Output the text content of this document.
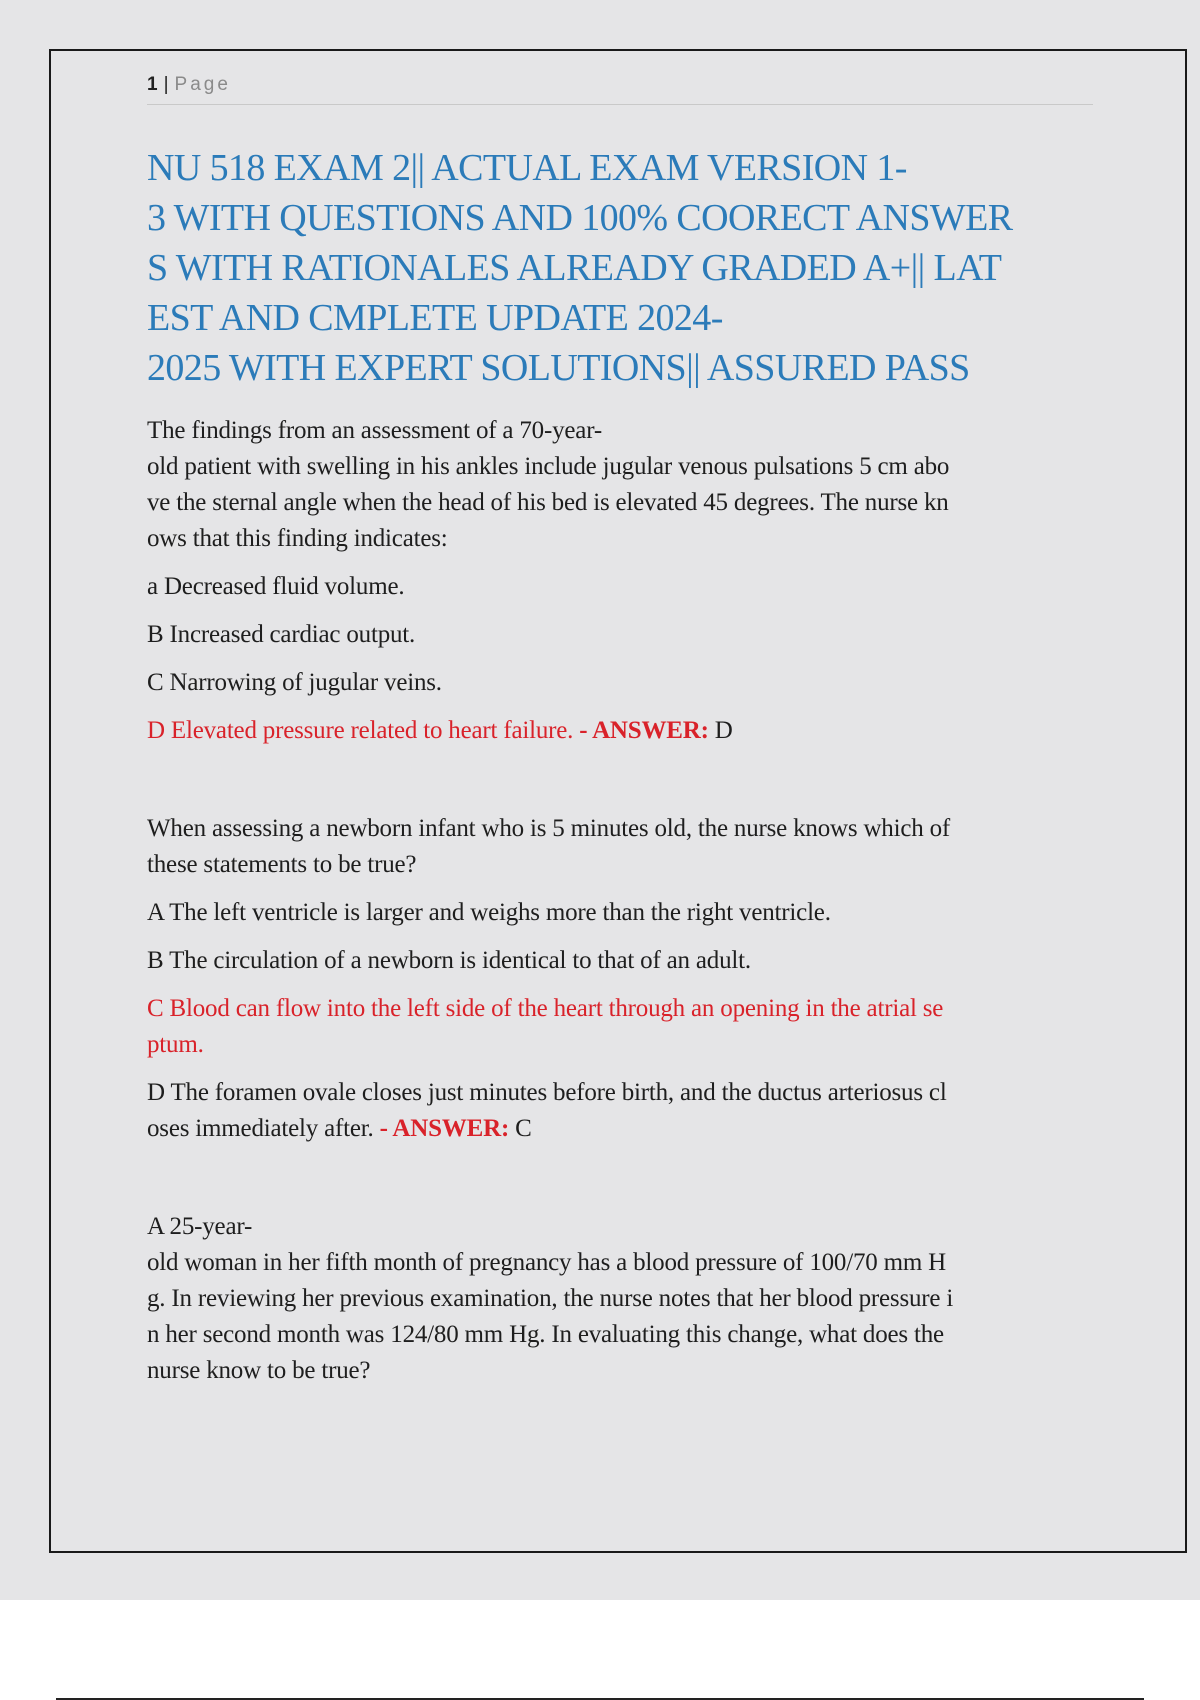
1 | Page
NU 518 EXAM 2|| ACTUAL EXAM VERSION 1-
3 WITH QUESTIONS AND 100% COORECT ANSWER
S WITH RATIONALES ALREADY GRADED A+|| LAT
EST AND CMPLETE UPDATE 2024-
2025 WITH EXPERT SOLUTIONS|| ASSURED PASS

The findings from an assessment of a 70-year-

old patient with swelling in his ankles include jugular venous pulsations 5 cm abo

ve the sternal angle when the head of his bed is elevated 45 degrees. The nurse kn

ows that this finding indicates:

a Decreased fluid volume.

B Increased cardiac output.

C Narrowing of jugular veins.

D Elevated pressure related to heart failure. - ANSWER: D

When assessing a newborn infant who is 5 minutes old, the nurse knows which of

these statements to be true?

A The left ventricle is larger and weighs more than the right ventricle.

B The circulation of a newborn is identical to that of an adult.

C Blood can flow into the left side of the heart through an opening in the atrial se

ptum.

D The foramen ovale closes just minutes before birth, and the ductus arteriosus cl

oses immediately after. - ANSWER: C

A 25-year-

old woman in her fifth month of pregnancy has a blood pressure of 100/70 mm H

g. In reviewing her previous examination, the nurse notes that her blood pressure i

n her second month was 124/80 mm Hg. In evaluating this change, what does the

nurse know to be true?
